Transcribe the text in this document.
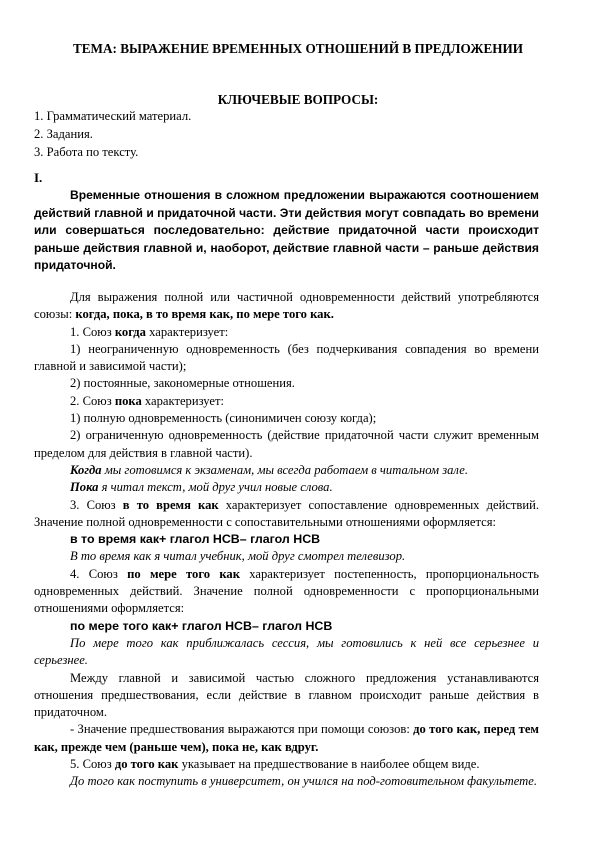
ТЕМА: ВЫРАЖЕНИЕ ВРЕМЕННЫХ ОТНОШЕНИЙ В ПРЕДЛОЖЕНИИ
КЛЮЧЕВЫЕ ВОПРОСЫ:
1. Грамматический материал.
2. Задания.
3. Работа по тексту.
I.

Временные отношения в сложном предложении выражаются соотношением действий главной и придаточной части. Эти действия могут совпадать во времени или совершаться последовательно: действие придаточной части происходит раньше действия главной и, наоборот, действие главной части – раньше действия придаточной.

Для выражения полной или частичной одновременности действий употребляются союзы: когда, пока, в то время как, по мере того как.

1. Союз когда характеризует:

1) неограниченную одновременность (без подчеркивания совпадения во времени главной и зависимой части);

2) постоянные, закономерные отношения.

2. Союз пока характеризует:

1) полную одновременность (синонимичен союзу когда);

2) ограниченную одновременность (действие придаточной части служит временным пределом для действия в главной части).

Когда мы готовимся к экзаменам, мы всегда работаем в читальном зале.

Пока я читал текст, мой друг учил новые слова.

3. Союз в то время как характеризует сопоставление одновременных действий. Значение полной одновременности с сопоставительными отношениями оформляется:

в то время как+ глагол НСВ– глагол НСВ

В то время как я читал учебник, мой друг смотрел телевизор.

4. Союз по мере того как характеризует постепенность, пропорциональность одновременных действий. Значение полной одновременности с пропорциональными отношениями оформляется:

по мере того как+ глагол НСВ– глагол НСВ

По мере того как приближалась сессия, мы готовились к ней все серьезнее и серьезнее.

Между главной и зависимой частью сложного предложения устанавливаются отношения предшествования, если действие в главном происходит раньше действия в придаточном.

- Значение предшествования выражаются при помощи союзов: до того как, перед тем как, прежде чем (раньше чем), пока не, как вдруг.

5. Союз до того как указывает на предшествование в наиболее общем виде.

До того как поступить в университет, он учился на под-готовительном факультете.
